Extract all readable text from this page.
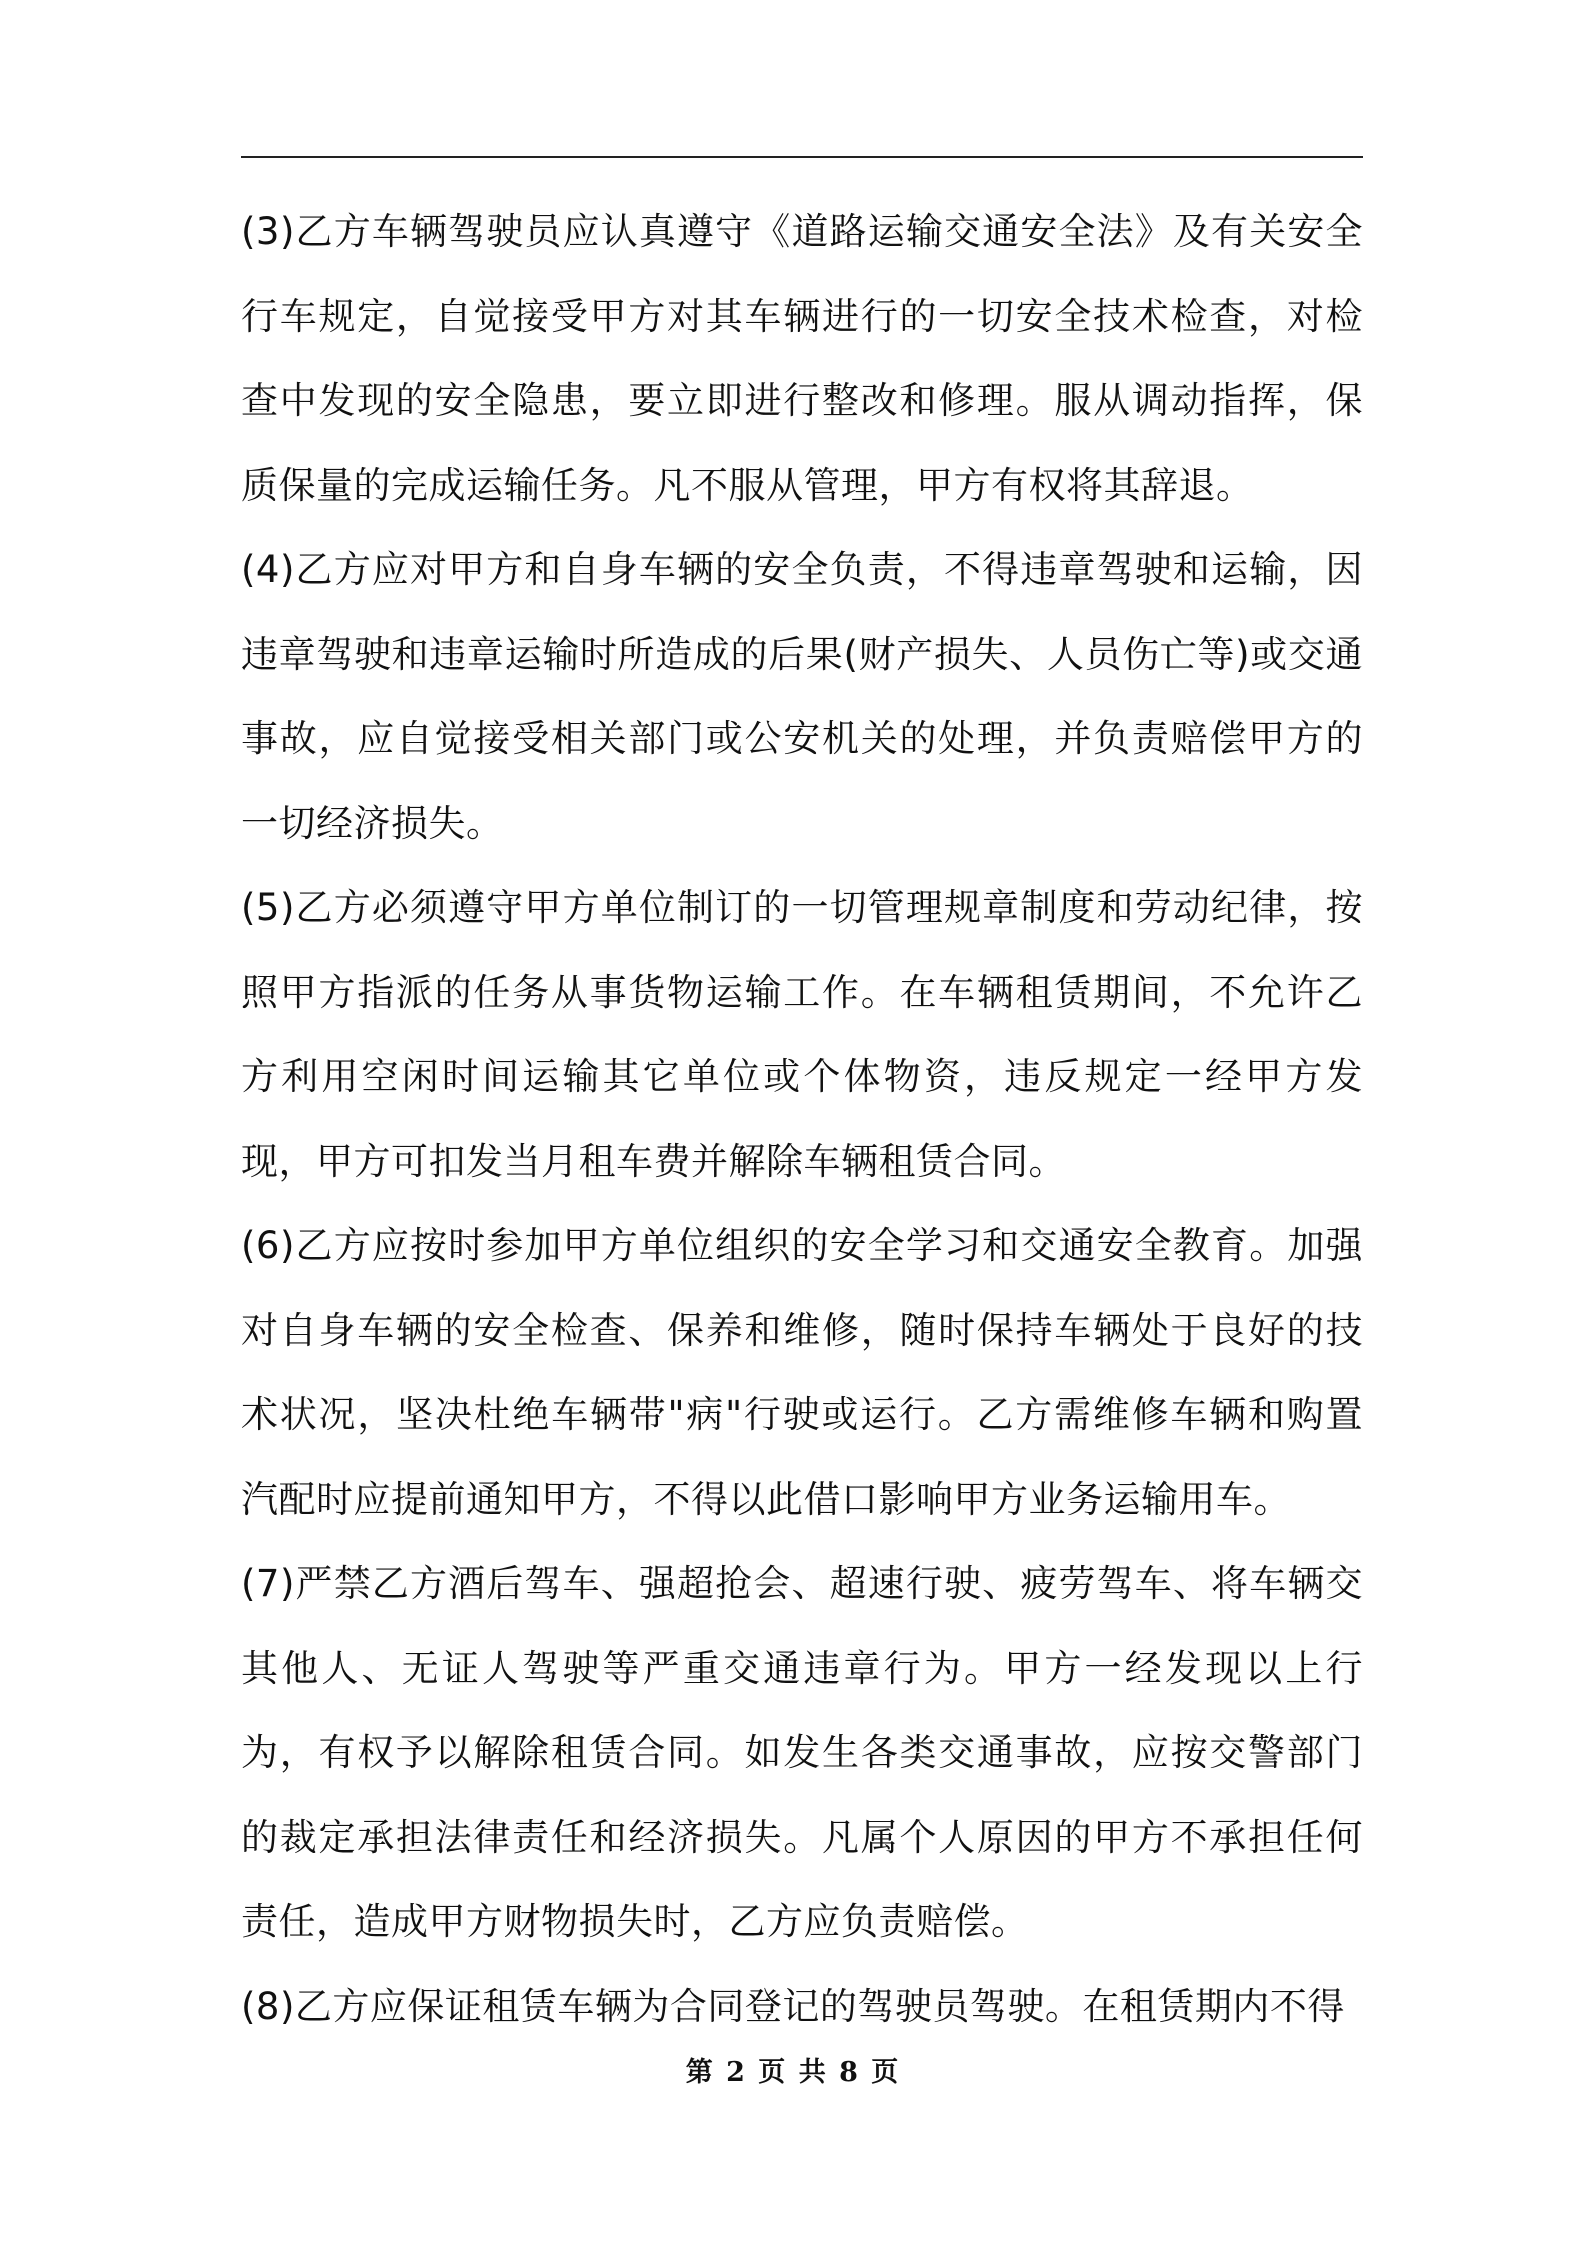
(3)乙方车辆驾驶员应认真遵守《道路运输交通安全法》及有关安全行车规定，自觉接受甲方对其车辆进行的一切安全技术检查，对检查中发现的安全隐患，要立即进行整改和修理。服从调动指挥，保质保量的完成运输任务。凡不服从管理，甲方有权将其辞退。

(4)乙方应对甲方和自身车辆的安全负责，不得违章驾驶和运输，因违章驾驶和违章运输时所造成的后果(财产损失、人员伤亡等)或交通事故，应自觉接受相关部门或公安机关的处理，并负责赔偿甲方的一切经济损失。

(5)乙方必须遵守甲方单位制订的一切管理规章制度和劳动纪律，按照甲方指派的任务从事货物运输工作。在车辆租赁期间，不允许乙方利用空闲时间运输其它单位或个体物资，违反规定一经甲方发现，甲方可扣发当月租车费并解除车辆租赁合同。

(6)乙方应按时参加甲方单位组织的安全学习和交通安全教育。加强对自身车辆的安全检查、保养和维修，随时保持车辆处于良好的技术状况，坚决杜绝车辆带"病"行驶或运行。乙方需维修车辆和购置汽配时应提前通知甲方，不得以此借口影响甲方业务运输用车。

(7)严禁乙方酒后驾车、强超抢会、超速行驶、疲劳驾车、将车辆交其他人、无证人驾驶等严重交通违章行为。甲方一经发现以上行为，有权予以解除租赁合同。如发生各类交通事故，应按交警部门的裁定承担法律责任和经济损失。凡属个人原因的甲方不承担任何责任，造成甲方财物损失时，乙方应负责赔偿。

(8)乙方应保证租赁车辆为合同登记的驾驶员驾驶。在租赁期内不得

第 2 页 共 8 页
